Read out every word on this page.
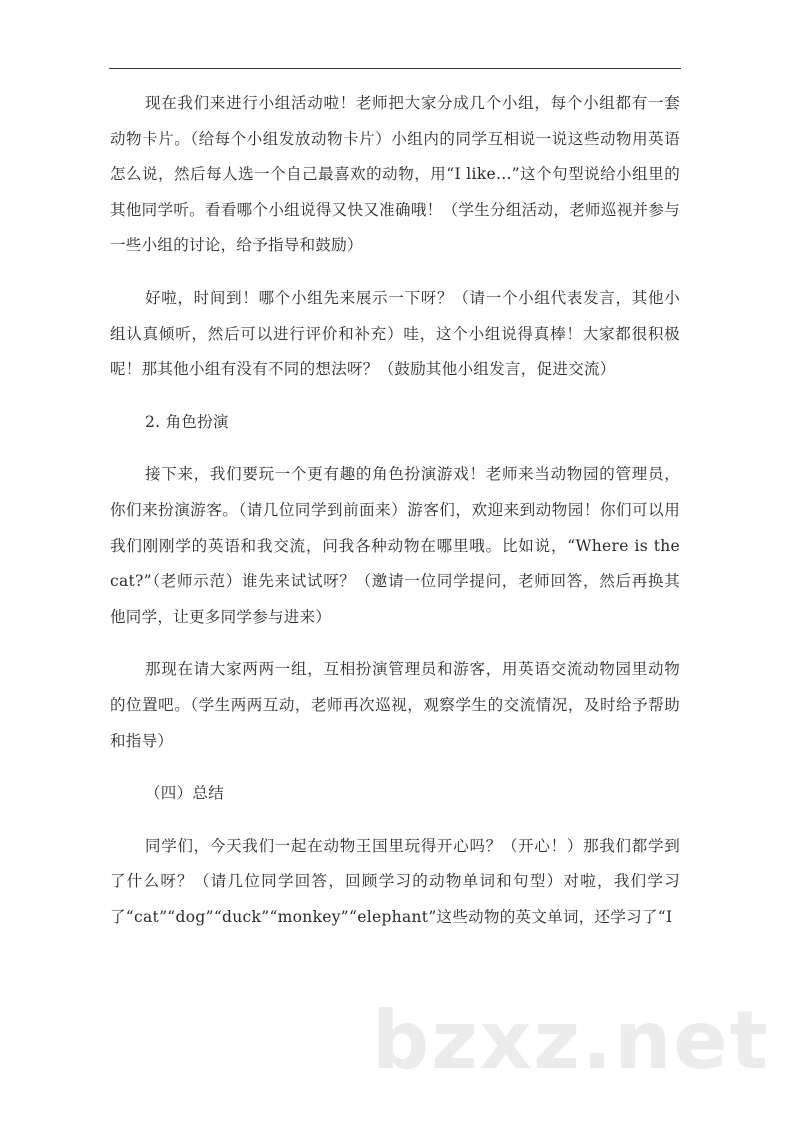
现在我们来进行小组活动啦！老师把大家分成几个小组，每个小组都有一套动物卡片。（给每个小组发放动物卡片）小组内的同学互相说一说这些动物用英语怎么说，然后每人选一个自己最喜欢的动物，用“I like...”这个句型说给小组里的其他同学听。看看哪个小组说得又快又准确哦！（学生分组活动，老师巡视并参与一些小组的讨论，给予指导和鼓励）

好啦，时间到！哪个小组先来展示一下呀？（请一个小组代表发言，其他小组认真倾听，然后可以进行评价和补充）哇，这个小组说得真棒！大家都很积极呢！那其他小组有没有不同的想法呀？（鼓励其他小组发言，促进交流）

2. 角色扮演

接下来，我们要玩一个更有趣的角色扮演游戏！老师来当动物园的管理员，你们来扮演游客。（请几位同学到前面来）游客们，欢迎来到动物园！你们可以用我们刚刚学的英语和我交流，问我各种动物在哪里哦。比如说，“Where is the cat?”（老师示范）谁先来试试呀？（邀请一位同学提问，老师回答，然后再换其他同学，让更多同学参与进来）

那现在请大家两两一组，互相扮演管理员和游客，用英语交流动物园里动物的位置吧。（学生两两互动，老师再次巡视，观察学生的交流情况，及时给予帮助和指导）

（四）总结

同学们，今天我们一起在动物王国里玩得开心吗？（开心！）那我们都学到了什么呀？（请几位同学回答，回顾学习的动物单词和句型）对啦，我们学习了“cat”“dog”“duck”“monkey”“elephant”这些动物的英文单词，还学习了“I

bzxz.net
